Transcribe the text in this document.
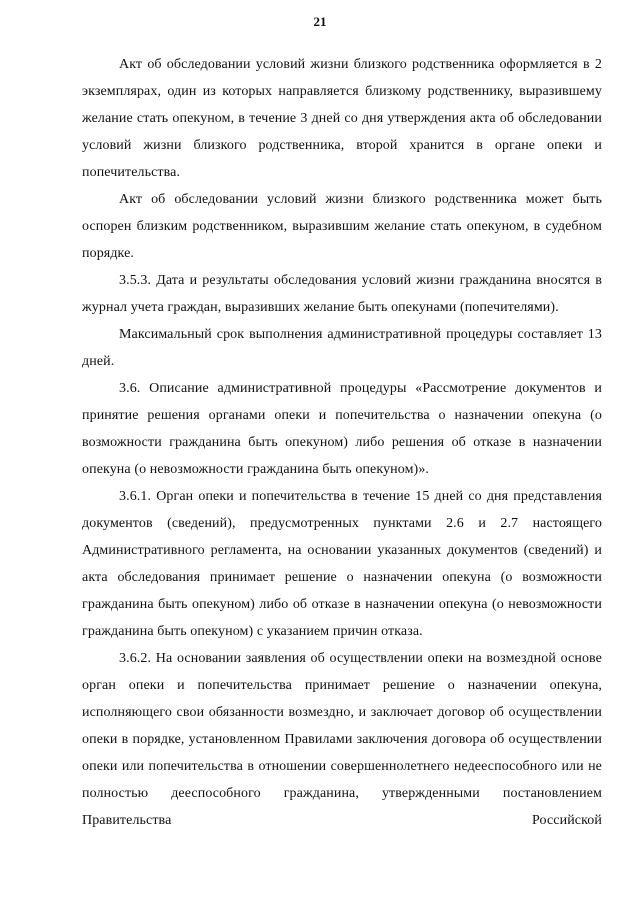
21

Акт об обследовании условий жизни близкого родственника оформляется в 2 экземплярах, один из которых направляется близкому родственнику, выразившему желание стать опекуном, в течение 3 дней со дня утверждения акта об обследовании условий жизни близкого родственника, второй хранится в органе опеки и попечительства.

Акт об обследовании условий жизни близкого родственника может быть оспорен близким родственником, выразившим желание стать опекуном, в судебном порядке.

3.5.3. Дата и результаты обследования условий жизни гражданина вносятся в журнал учета граждан, выразивших желание быть опекунами (попечителями).

Максимальный срок выполнения административной процедуры составляет 13 дней.

3.6. Описание административной процедуры «Рассмотрение документов и принятие решения органами опеки и попечительства о назначении опекуна (о возможности гражданина быть опекуном) либо решения об отказе в назначении опекуна (о невозможности гражданина быть опекуном)».

3.6.1. Орган опеки и попечительства в течение 15 дней со дня представления документов (сведений), предусмотренных пунктами 2.6 и 2.7 настоящего Административного регламента, на основании указанных документов (сведений) и акта обследования принимает решение о назначении опекуна (о возможности гражданина быть опекуном) либо об отказе в назначении опекуна (о невозможности гражданина быть опекуном) с указанием причин отказа.

3.6.2. На основании заявления об осуществлении опеки на возмездной основе орган опеки и попечительства принимает решение о назначении опекуна, исполняющего свои обязанности возмездно, и заключает договор об осуществлении опеки в порядке, установленном Правилами заключения договора об осуществлении опеки или попечительства в отношении совершеннолетнего недееспособного или не полностью дееспособного гражданина, утвержденными постановлением Правительства Российской
